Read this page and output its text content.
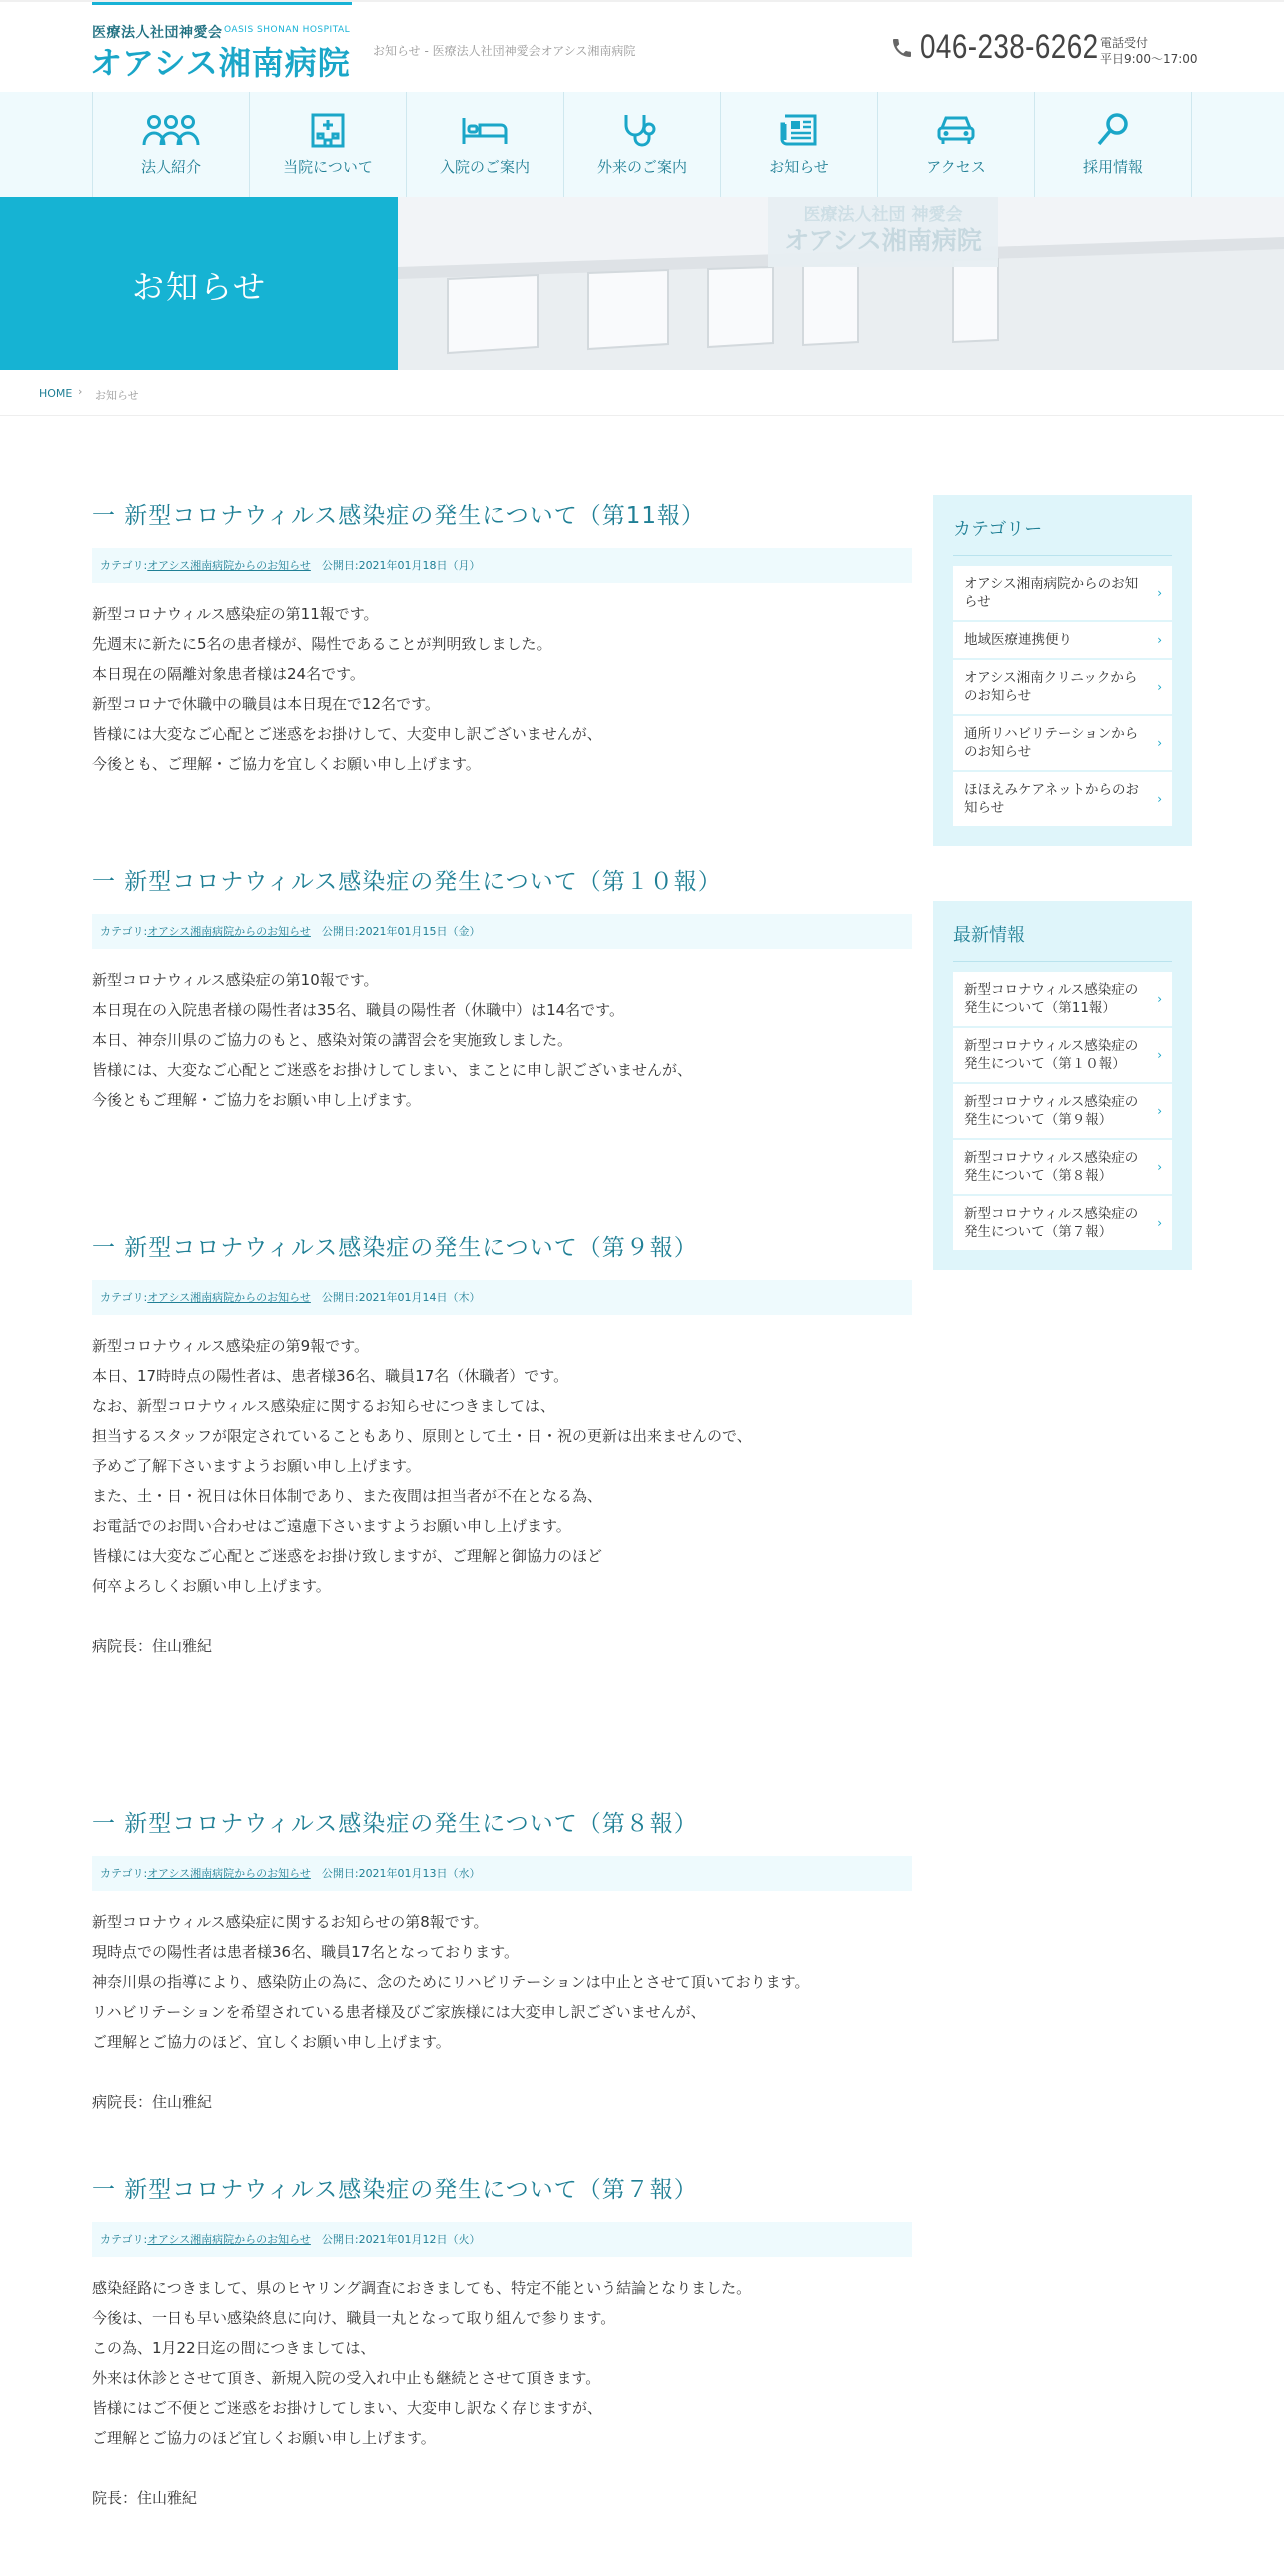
医療法人社団神愛会 OASIS SHONAN HOSPITAL
オアシス湘南病院 お知らせ - 医療法人社団神愛会オアシス湘南病院	046-238-6262 電話受付
平日9:00～17:00
法人紹介	当院について	入院のご案内	外来のご案内	お知らせ	アクセス	採用情報
医療法人社団 神愛会
オアシス湘南病院
お知らせ
HOME › お知らせ
一 新型コロナウィルス感染症の発生について（第11報）
カテゴリ:オアシス湘南病院からのお知らせ　 公開日:2021年01月18日（月）
新型コロナウィルス感染症の第11報です。
先週末に新たに5名の患者様が、陽性であることが判明致しました。
本日現在の隔離対象患者様は24名です。
新型コロナで休職中の職員は本日現在で12名です。
皆様には大変なご心配とご迷惑をお掛けして、大変申し訳ございませんが、
今後とも、ご理解・ご協力を宜しくお願い申し上げます。
一 新型コロナウィルス感染症の発生について（第１０報）
カテゴリ:オアシス湘南病院からのお知らせ　 公開日:2021年01月15日（金）
新型コロナウィルス感染症の第10報です。
本日現在の入院患者様の陽性者は35名、職員の陽性者（休職中）は14名です。
本日、神奈川県のご協力のもと、感染対策の講習会を実施致しました。
皆様には、大変なご心配とご迷惑をお掛けしてしまい、まことに申し訳ございませんが、
今後ともご理解・ご協力をお願い申し上げます。
一 新型コロナウィルス感染症の発生について（第９報）
カテゴリ:オアシス湘南病院からのお知らせ　 公開日:2021年01月14日（木）
新型コロナウィルス感染症の第9報です。
本日、17時時点の陽性者は、患者様36名、職員17名（休職者）です。
なお、新型コロナウィルス感染症に関するお知らせにつきましては、
担当するスタッフが限定されていることもあり、原則として土・日・祝の更新は出来ませんので、
予めご了解下さいますようお願い申し上げます。
また、土・日・祝日は休日体制であり、また夜間は担当者が不在となる為、
お電話でのお問い合わせはご遠慮下さいますようお願い申し上げます。
皆様には大変なご心配とご迷惑をお掛け致しますが、ご理解と御協力のほど
何卒よろしくお願い申し上げます。
病院長：住山雅紀
一 新型コロナウィルス感染症の発生について（第８報）
カテゴリ:オアシス湘南病院からのお知らせ　 公開日:2021年01月13日（水）
新型コロナウィルス感染症に関するお知らせの第8報です。
現時点での陽性者は患者様36名、職員17名となっております。
神奈川県の指導により、感染防止の為に、念のためにリハビリテーションは中止とさせて頂いております。
リハビリテーションを希望されている患者様及びご家族様には大変申し訳ございませんが、
ご理解とご協力のほど、宜しくお願い申し上げます。
病院長：住山雅紀
一 新型コロナウィルス感染症の発生について（第７報）
カテゴリ:オアシス湘南病院からのお知らせ　 公開日:2021年01月12日（火）
感染経路につきまして、県のヒヤリング調査におきましても、特定不能という結論となりました。
今後は、一日も早い感染終息に向け、職員一丸となって取り組んで参ります。
この為、1月22日迄の間につきましては、
外来は休診とさせて頂き、新規入院の受入れ中止も継続とさせて頂きます。
皆様にはご不便とご迷惑をお掛けしてしまい、大変申し訳なく存じますが、
ご理解とご協力のほど宜しくお願い申し上げます。
院長：住山雅紀
カテゴリー
オアシス湘南病院からのお知らせ
›
地域医療連携便り	›
オアシス湘南クリニックからのお知らせ
›
通所リハビリテーションからのお知らせ
›
ほほえみケアネットからのお知らせ
›
最新情報
新型コロナウィルス感染症の発生について（第11報）
›
新型コロナウィルス感染症の発生について（第１０報）
›
新型コロナウィルス感染症の発生について（第９報）
›
新型コロナウィルス感染症の発生について（第８報）
›
新型コロナウィルス感染症の発生について（第７報）
›
